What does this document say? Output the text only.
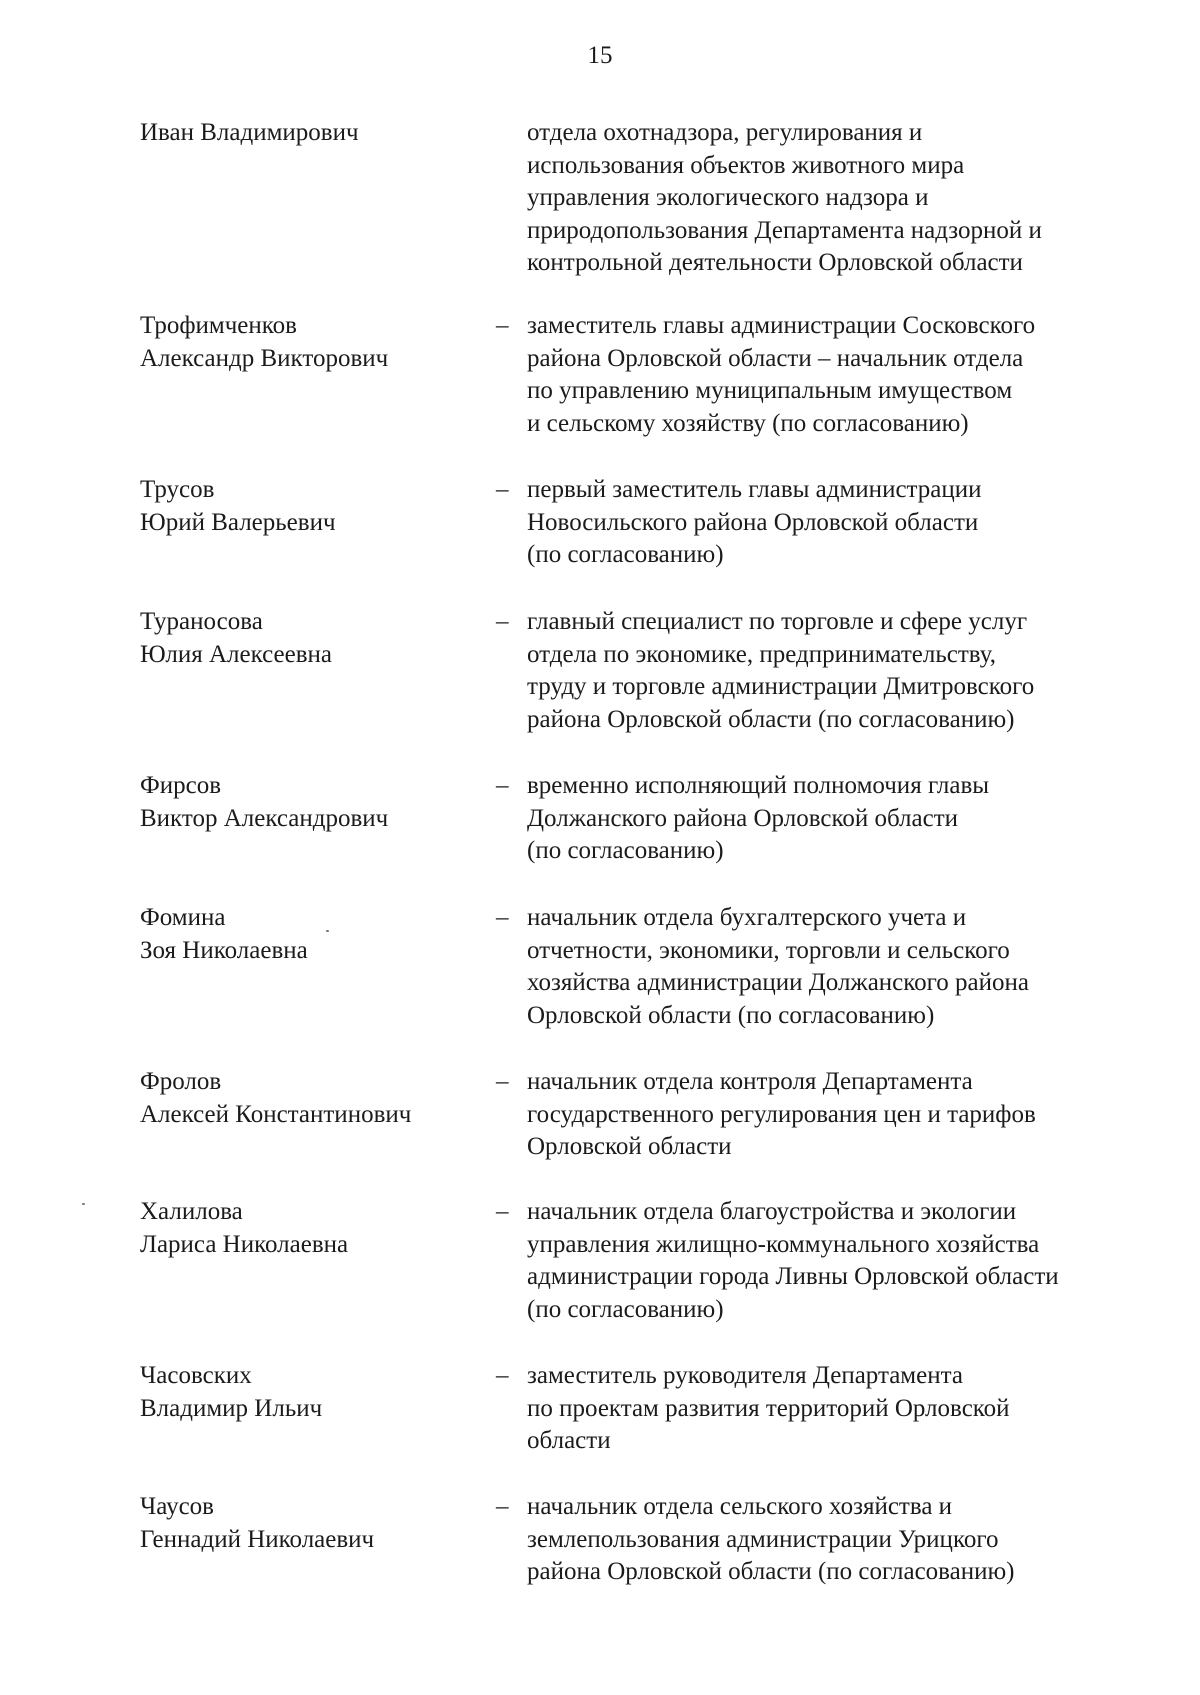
15
Иван Владимирович	отдела охотнадзора, регулирования и
использования объектов животного мира
управления экологического надзора и
природопользования Департамента надзорной и
контрольной деятельности Орловской области
Трофимченков
Александр Викторович
– заместитель главы администрации Сосковского
района Орловской области – начальник отдела
по управлению муниципальным имуществом
и сельскому хозяйству (по согласованию)
Трусов
Юрий Валерьевич
– первый заместитель главы администрации
Новосильского района Орловской области
(по согласованию)
Тураносова
Юлия Алексеевна
– главный специалист по торговле и сфере услуг
отдела по экономике, предпринимательству,
труду и торговле администрации Дмитровского
района Орловской области (по согласованию)
Фирсов
Виктор Александрович
– временно исполняющий полномочия главы
Должанского района Орловской области
(по согласованию)
Фомина
Зоя Николаевна
– начальник отдела бухгалтерского учета и
отчетности, экономики, торговли и сельского
хозяйства администрации Должанского района
Орловской области (по согласованию)
Фролов
Алексей Константинович
– начальник отдела контроля Департамента
государственного регулирования цен и тарифов
Орловской области
Халилова
Лариса Николаевна
– начальник отдела благоустройства и экологии
управления жилищно-коммунального хозяйства
администрации города Ливны Орловской области
(по согласованию)
Часовских
Владимир Ильич
– заместитель руководителя Департамента
по проектам развития территорий Орловской
области
Чаусов
Геннадий Николаевич
– начальник отдела сельского хозяйства и
землепользования администрации Урицкого
района Орловской области (по согласованию)
